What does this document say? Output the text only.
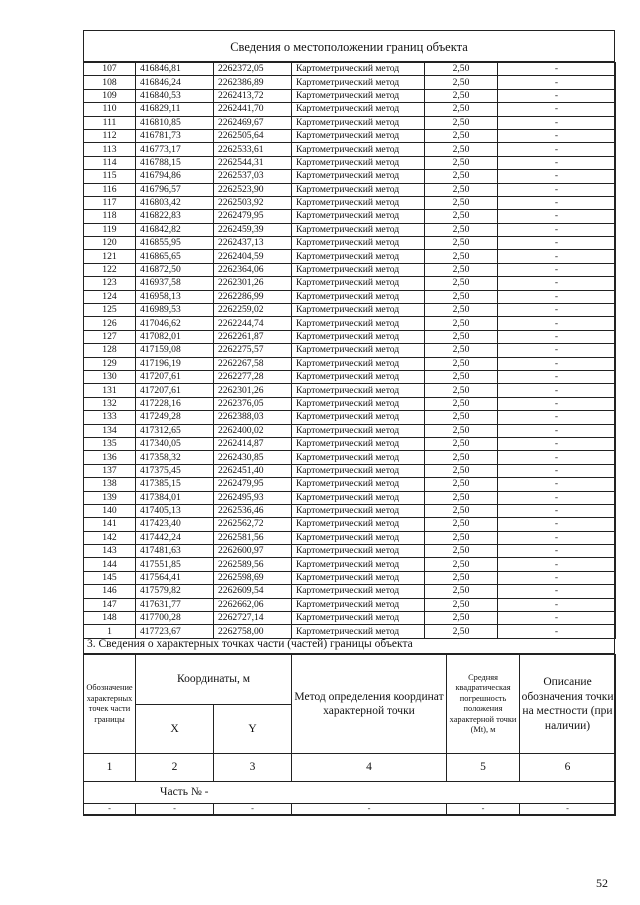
Сведения о местоположении границ объекта
107	416846,81	2262372,05	Картометрический метод	2,50	-
108	416846,24	2262386,89	Картометрический метод	2,50	-
109	416840,53	2262413,72	Картометрический метод	2,50	-
110	416829,11	2262441,70	Картометрический метод	2,50	-
111	416810,85	2262469,67	Картометрический метод	2,50	-
112	416781,73	2262505,64	Картометрический метод	2,50	-
113	416773,17	2262533,61	Картометрический метод	2,50	-
114	416788,15	2262544,31	Картометрический метод	2,50	-
115	416794,86	2262537,03	Картометрический метод	2,50	-
116	416796,57	2262523,90	Картометрический метод	2,50	-
117	416803,42	2262503,92	Картометрический метод	2,50	-
118	416822,83	2262479,95	Картометрический метод	2,50	-
119	416842,82	2262459,39	Картометрический метод	2,50	-
120	416855,95	2262437,13	Картометрический метод	2,50	-
121	416865,65	2262404,59	Картометрический метод	2,50	-
122	416872,50	2262364,06	Картометрический метод	2,50	-
123	416937,58	2262301,26	Картометрический метод	2,50	-
124	416958,13	2262286,99	Картометрический метод	2,50	-
125	416989,53	2262259,02	Картометрический метод	2,50	-
126	417046,62	2262244,74	Картометрический метод	2,50	-
127	417082,01	2262261,87	Картометрический метод	2,50	-
128	417159,08	2262275,57	Картометрический метод	2,50	-
129	417196,19	2262267,58	Картометрический метод	2,50	-
130	417207,61	2262277,28	Картометрический метод	2,50	-
131	417207,61	2262301,26	Картометрический метод	2,50	-
132	417228,16	2262376,05	Картометрический метод	2,50	-
133	417249,28	2262388,03	Картометрический метод	2,50	-
134	417312,65	2262400,02	Картометрический метод	2,50	-
135	417340,05	2262414,87	Картометрический метод	2,50	-
136	417358,32	2262430,85	Картометрический метод	2,50	-
137	417375,45	2262451,40	Картометрический метод	2,50	-
138	417385,15	2262479,95	Картометрический метод	2,50	-
139	417384,01	2262495,93	Картометрический метод	2,50	-
140	417405,13	2262536,46	Картометрический метод	2,50	-
141	417423,40	2262562,72	Картометрический метод	2,50	-
142	417442,24	2262581,56	Картометрический метод	2,50	-
143	417481,63	2262600,97	Картометрический метод	2,50	-
144	417551,85	2262589,56	Картометрический метод	2,50	-
145	417564,41	2262598,69	Картометрический метод	2,50	-
146	417579,82	2262609,54	Картометрический метод	2,50	-
147	417631,77	2262662,06	Картометрический метод	2,50	-
148	417700,28	2262727,14	Картометрический метод	2,50	-
1	417723,67	2262758,00	Картометрический метод	2,50	-
3. Сведения о характерных точках части (частей) границы объекта
Обозначение характерных точек части границы	Координаты, м		Метод определения координат характерной точки	Средняя квадратическая погрешность положения характерной точки (Mt), м	Описание обозначения точки на местности (при наличии)
	X	Y			
1	2	3	4	5	6
Часть № -					
-	-	-	-	-	-
52
